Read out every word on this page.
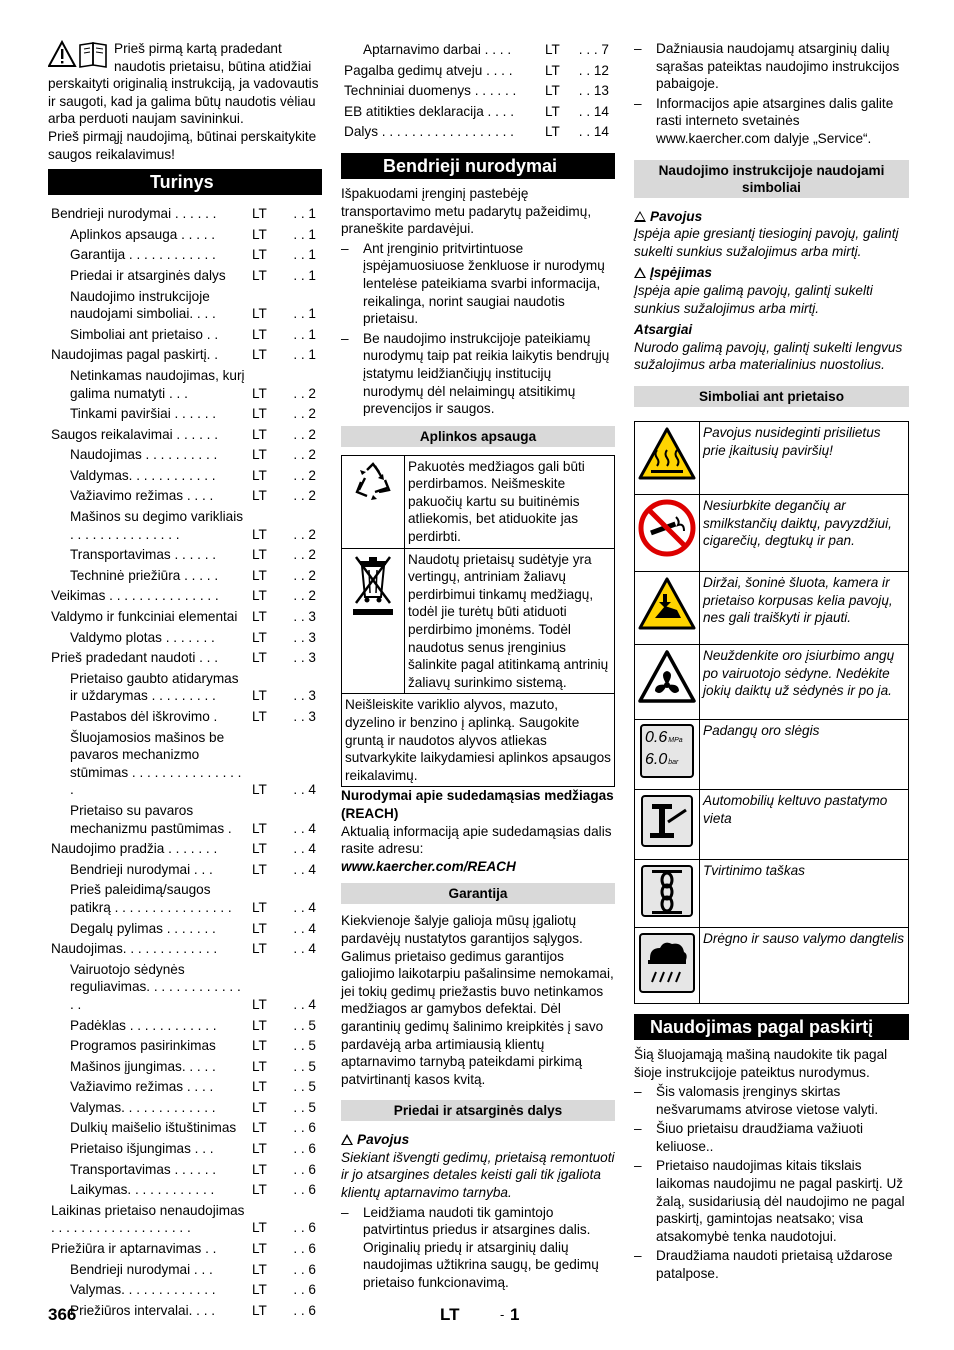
Prieš pirmą kartą pradedant naudotis prietaisu, būtina atidžiai perskaityti originalią instrukciją, ja vadovautis ir saugoti, kad ja galima būtų naudotis vėliau arba perduoti naujam savininkui.

Prieš pirmąjį naudojimą, būtinai perskaitykite saugos reikalavimus!

Turinys
Bendrieji nurodymai . . . . . .	LT	. . 1
Aplinkos apsauga . . . . .	LT	. . 1
Garantija . . . . . . . . . . . .	LT	. . 1
Priedai ir atsarginės dalys	LT	. . 1
Naudojimo instrukcijoje naudojami simboliai. . . .	LT	. . 1
Simboliai ant prietaiso . .	LT	. . 1
Naudojimas pagal paskirtį. .	LT	. . 1
Netinkamas naudojimas, kurį galima numatyti . . .	LT	. . 2
Tinkami paviršiai . . . . . .	LT	. . 2
Saugos reikalavimai . . . . . .	LT	. . 2
Naudojimas . . . . . . . . . .	LT	. . 2
Valdymas. . . . . . . . . . . .	LT	. . 2
Važiavimo režimas . . . .	LT	. . 2
Mašinos su degimo varikliais . . . . . . . . . . . . . . .	LT	. . 2
Transportavimas . . . . . .	LT	. . 2
Techninė priežiūra . . . . .	LT	. . 2
Veikimas . . . . . . . . . . . . . . .	LT	. . 2
Valdymo ir funkciniai elementai	LT	. . 3
Valdymo plotas . . . . . . .	LT	. . 3
Prieš pradedant naudoti . . .	LT	. . 3
Prietaiso gaubto atidarymas ir uždarymas . . . . . . . . .	LT	. . 3
Pastabos dėl iškrovimo .	LT	. . 3
Šluojamosios mašinos be pavaros mechanizmo stūmimas . . . . . . . . . . . . . . . .	LT	. . 4
Prietaiso su pavaros mechanizmu pastūmimas .	LT	. . 4
Naudojimo pradžia . . . . . . .	LT	. . 4
Bendrieji nurodymai . . .	LT	. . 4
Prieš paleidimą/saugos patikrą . . . . . . . . . . . . . . . .	LT	. . 4
Degalų pylimas . . . . . . .	LT	. . 4
Naudojimas. . . . . . . . . . . . .	LT	. . 4
Vairuotojo sėdynės reguliavimas. . . . . . . . . . . . . . .	LT	. . 4
Padėklas . . . . . . . . . . . .	LT	. . 5
Programos pasirinkimas	LT	. . 5
Mašinos įjungimas. . . . .	LT	. . 5
Važiavimo režimas . . . .	LT	. . 5
Valymas. . . . . . . . . . . . .	LT	. . 5
Dulkių maišelio ištuštinimas	LT	. . 6
Prietaiso išjungimas . . .	LT	. . 6
Transportavimas . . . . . .	LT	. . 6
Laikymas. . . . . . . . . . . .	LT	. . 6
Laikinas prietaiso nenaudojimas . . . . . . . . . . . . . . . . . . .	LT	. . 6
Priežiūra ir aptarnavimas . .	LT	. . 6
Bendrieji nurodymai . . .	LT	. . 6
Valymas. . . . . . . . . . . . .	LT	. . 6
Priežiūros intervalai. . . .	LT	. . 6
Aptarnavimo darbai . . . .	LT	. . . 7
Pagalba gedimų atveju . . . .	LT	. . 12
Techniniai duomenys . . . . . .	LT	. . 13
EB atitikties deklaracija . . . .	LT	. . 14
Dalys . . . . . . . . . . . . . . . . . .	LT	. . 14
Bendrieji nurodymai

Išpakuodami įrenginį pastebėję transportavimo metu padarytų pažeidimų, praneškite pardavėjui.

–	Ant įrenginio pritvirtintuose įspėjamuosiuose ženkluose ir nurodymų lentelėse pateikiama svarbi informacija, reikalinga, norint saugiai naudotis prietaisu.
–	Be naudojimo instrukcijoje pateikiamų nurodymų taip pat reikia laikytis bendrųjų įstatymu leidžiančiųjų institucijų nurodymų dėl nelaimingų atsitikimų prevencijos ir saugos.
Aplinkos apsauga
	Pakuotės medžiagos gali būti perdirbamos. Neišmeskite pakuočių kartu su buitinėmis atliekomis, bet atiduokite jas perdirbti.
	Naudotų prietaisų sudėtyje yra vertingų, antriniam žaliavų perdirbimui tinkamų medžiagų, todėl jie turėtų būti atiduoti perdirbimo įmonėms. Todėl naudotus senus įrenginius šalinkite pagal atitinkamą antrinių žaliavų surinkimo sistemą.
Neišleiskite variklio alyvos, mazuto, dyzelino ir benzino į aplinką. Saugokite gruntą ir naudotos alyvos atliekas sutvarkykite laikydamiesi aplinkos apsaugos reikalavimų.	

Nurodymai apie sudedamąsias medžiagas (REACH)

Aktualią informaciją apie sudedamąsias dalis rasite adresu:

www.kaercher.com/REACH

Garantija

Kiekvienoje šalyje galioja mūsų įgaliotų pardavėjų nustatytos garantijos sąlygos. Galimus prietaiso gedimus garantijos galiojimo laikotarpiu pašalinsime nemokamai, jei tokių gedimų priežastis buvo netinkamos medžiagos ar gamybos defektai. Dėl garantinių gedimų šalinimo kreipkitės į savo pardavėją arba artimiausią klientų aptarnavimo tarnybą pateikdami pirkimą patvirtinantį kasos kvitą.

Priedai ir atsarginės dalys

Pavojus

Siekiant išvengti gedimų, prietaisą remontuoti ir jo atsargines detales keisti gali tik įgaliota klientų aptarnavimo tarnyba.

–	Leidžiama naudoti tik gamintojo patvirtintus priedus ir atsargines dalis. Originalių priedų ir atsarginių dalių naudojimas užtikrina saugų, be gedimų prietaiso funkcionavimą.
–	Dažniausia naudojamų atsarginių dalių sąrašas pateiktas naudojimo instrukcijos pabaigoje.
–	Informacijos apie atsargines dalis galite rasti interneto svetainės www.kaercher.com dalyje „Service“.
Naudojimo instrukcijoje naudojami simboliai

Pavojus

Įspėja apie gresiantį tiesioginį pavojų, galintį sukelti sunkius sužalojimus arba mirtį.

Įspėjimas

Įspėja apie galimą pavojų, galintį sukelti sunkius sužalojimus arba mirtį.

Atsargiai

Nurodo galimą pavojų, galintį sukelti lengvus sužalojimus arba materialinius nuostolius.

Simboliai ant prietaiso
	Pavojus nusideginti prisilietus prie įkaitusių paviršių!
	Nesiurbkite degančių ar smilkstančių daiktų, pavyzdžiui, cigarečių, degtukų ir pan.
	Diržai, šoninė šluota, kamera ir prietaiso korpusas kelia pavojų, nes gali traiškyti ir pjauti.
	Neuždenkite oro įsiurbimo angų po vairuotojo sėdyne. Nedėkite jokių daiktų už sėdynės ir po ja.

0.6MPa
6.0bar	Padangų oro slėgis
	Automobilių keltuvo pastatymo vieta
	Tvirtinimo taškas
	Drėgno ir sauso valymo dangtelis
Naudojimas pagal paskirtį

Šią šluojamąją mašiną naudokite tik pagal šioje instrukcijoje pateiktus nurodymus.

–	Šis valomasis įrenginys skirtas nešvarumams atvirose vietose valyti.
–	Šiuo prietaisu draudžiama važiuoti keliuose..
–	Prietaiso naudojimas kitais tikslais laikomas naudojimu ne pagal paskirtį. Už žalą, susidariusią dėl naudojimo ne pagal paskirtį, gamintojas neatsako; visa atsakomybė tenka naudotojui.
–	Draudžiama naudoti prietaisą uždarose patalpose.
366	LT	- 1
